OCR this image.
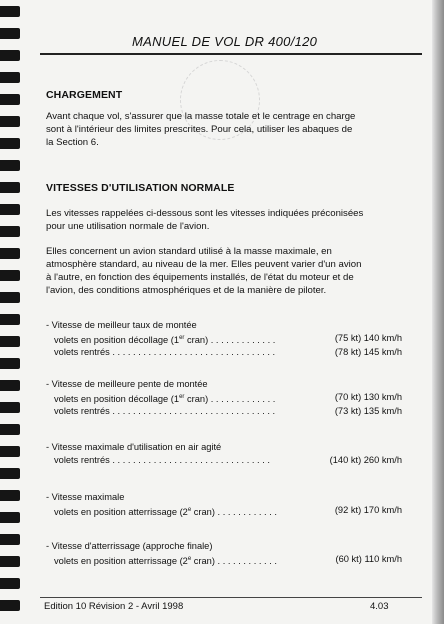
MANUEL DE VOL DR 400/120
CHARGEMENT
Avant chaque vol, s'assurer que la masse totale et le centrage en charge
sont à l'intérieur des limites prescrites. Pour cela, utiliser les abaques de
la Section 6.
VITESSES D'UTILISATION NORMALE
Les vitesses rappelées ci-dessous sont les vitesses indiquées préconisées
pour une utilisation normale de l'avion.
Elles concernent un avion standard utilisé à la masse maximale, en
atmosphère standard, au niveau de la mer. Elles peuvent varier d'un avion
à l'autre, en fonction des équipements installés, de l'état du moteur et de
l'avion, des conditions atmosphériques et de la manière de piloter.
- Vitesse de meilleur taux de montée
volets en position décollage (1er cran) . . . . . . . . . . . . .	(75 kt) 140 km/h
volets rentrés . . . . . . . . . . . . . . . . . . . . . . . . . . . . . . . .	(78 kt) 145 km/h
- Vitesse de meilleure pente de montée
volets en position décollage (1er cran) . . . . . . . . . . . . .	(70 kt) 130 km/h
volets rentrés . . . . . . . . . . . . . . . . . . . . . . . . . . . . . . . .	(73 kt) 135 km/h
- Vitesse maximale d'utilisation en air agité
volets rentrés . . . . . . . . . . . . . . . . . . . . . . . . . . . . . . .	(140 kt) 260 km/h
- Vitesse maximale
volets en position atterrissage (2e cran) . . . . . . . . . . . .	(92 kt) 170 km/h
- Vitesse d'atterrissage (approche finale)
volets en position atterrissage (2e cran) . . . . . . . . . . . .	(60 kt) 110 km/h
Edition 10 Révision 2 - Avril 1998	4.03
